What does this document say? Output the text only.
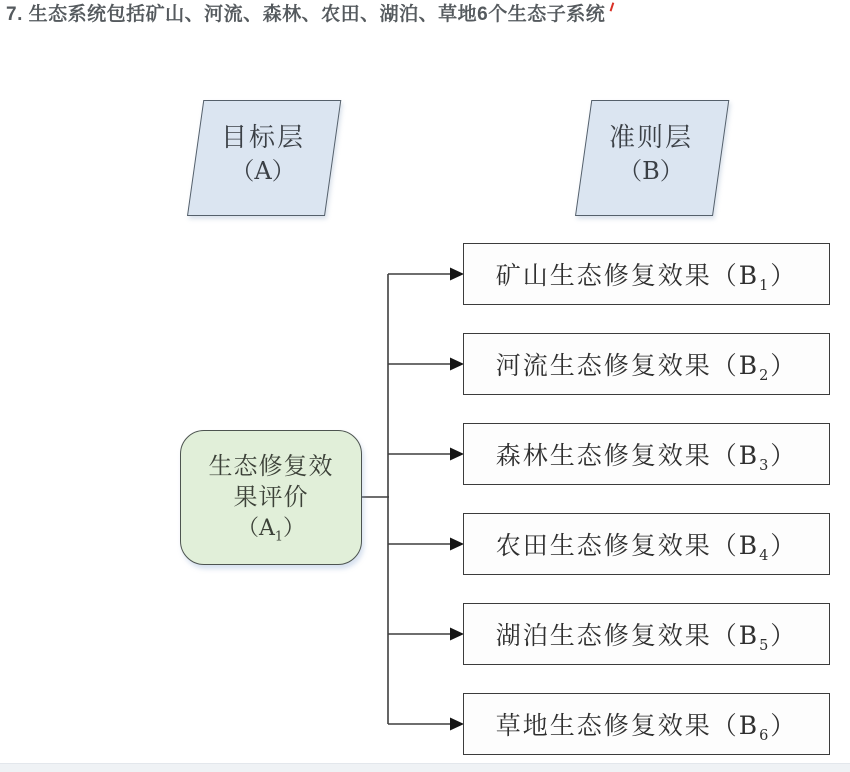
7. 生态系统包括矿山、河流、森林、农田、湖泊、草地6个生态子系统
目标层
（A）
准则层
（B）
生态修复效
果评价
$(A_1)$
矿山生态修复效果$(B_1)$
河流生态修复效果$(B_2)$
森林生态修复效果$(B_3)$
农田生态修复效果$(B_4)$
湖泊生态修复效果$(B_5)$
草地生态修复效果$(B_6)$
